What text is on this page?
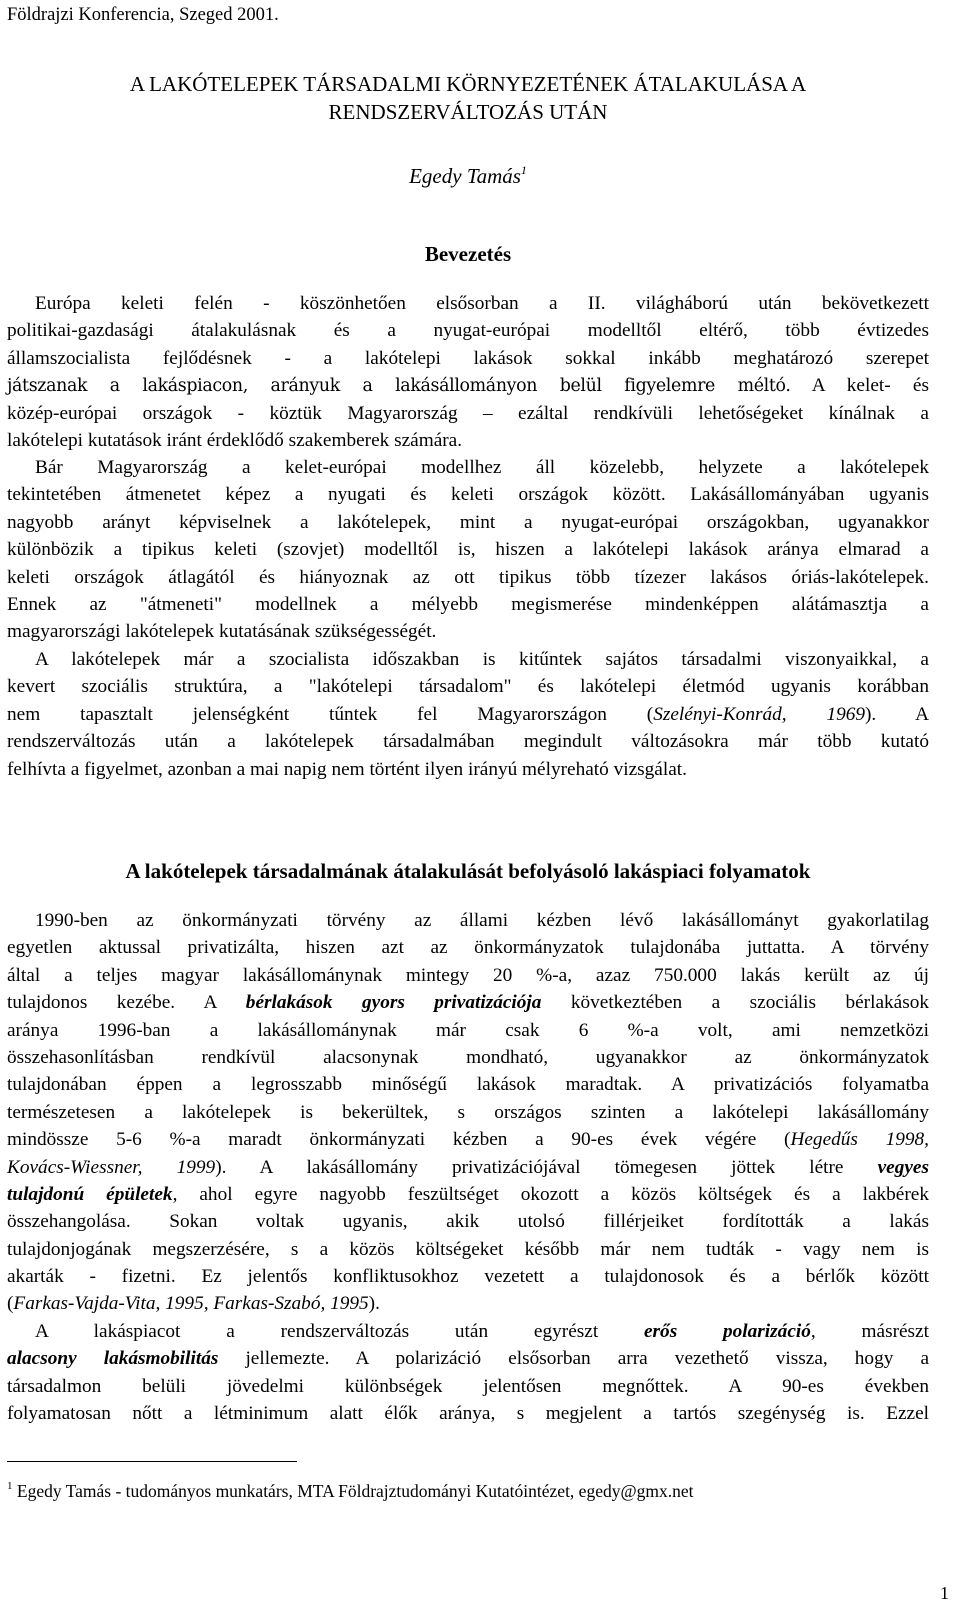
Földrajzi Konferencia, Szeged 2001.
A LAKÓTELEPEK TÁRSADALMI KÖRNYEZETÉNEK ÁTALAKULÁSA A
RENDSZERVÁLTOZÁS UTÁN
Egedy Tamás$^1$
Bevezetés
Európa keleti felén - köszönhetően elsősorban a II. világháború után bekövetkezett
politikai-gazdasági átalakulásnak és a nyugat-európai modelltől eltérő, több évtizedes
államszocialista fejlődésnek - a lakótelepi lakások sokkal inkább meghatározó szerepet
játszanak a lakáspiacon, arányuk a lakásállományon belül figyelemre méltó. A kelet- és
közép-európai országok - köztük Magyarország – ezáltal rendkívüli lehetőségeket kínálnak a
lakótelepi kutatások iránt érdeklődő szakemberek számára.
Bár Magyarország a kelet-európai modellhez áll közelebb, helyzete a lakótelepek
tekintetében átmenetet képez a nyugati és keleti országok között. Lakásállományában ugyanis
nagyobb arányt képviselnek a lakótelepek, mint a nyugat-európai országokban, ugyanakkor
különbözik a tipikus keleti (szovjet) modelltől is, hiszen a lakótelepi lakások aránya elmarad a
keleti országok átlagától és hiányoznak az ott tipikus több tízezer lakásos óriás-lakótelepek.
Ennek az "átmeneti" modellnek a mélyebb megismerése mindenképpen alátámasztja a
magyarországi lakótelepek kutatásának szükségességét.
A lakótelepek már a szocialista időszakban is kitűntek sajátos társadalmi viszonyaikkal, a
kevert szociális struktúra, a "lakótelepi társadalom" és lakótelepi életmód ugyanis korábban
nem tapasztalt jelenségként tűntek fel Magyarországon (Szelényi-Konrád, 1969). A
rendszerváltozás után a lakótelepek társadalmában megindult változásokra már több kutató
felhívta a figyelmet, azonban a mai napig nem történt ilyen irányú mélyreható vizsgálat.
A lakótelepek társadalmának átalakulását befolyásoló lakáspiaci folyamatok
1990-ben az önkormányzati törvény az állami kézben lévő lakásállományt gyakorlatilag
egyetlen aktussal privatizálta, hiszen azt az önkormányzatok tulajdonába juttatta. A törvény
által a teljes magyar lakásállománynak mintegy 20 %-a, azaz 750.000 lakás került az új
tulajdonos kezébe. A bérlakások gyors privatizációja következtében a szociális bérlakások
aránya 1996-ban a lakásállománynak már csak 6 %-a volt, ami nemzetközi
összehasonlításban rendkívül alacsonynak mondható, ugyanakkor az önkormányzatok
tulajdonában éppen a legrosszabb minőségű lakások maradtak. A privatizációs folyamatba
természetesen a lakótelepek is bekerültek, s országos szinten a lakótelepi lakásállomány
mindössze 5-6 %-a maradt önkormányzati kézben a 90-es évek végére (Hegedűs 1998,
Kovács-Wiessner, 1999). A lakásállomány privatizációjával tömegesen jöttek létre vegyes
tulajdonú épületek, ahol egyre nagyobb feszültséget okozott a közös költségek és a lakbérek
összehangolása. Sokan voltak ugyanis, akik utolsó fillérjeiket fordították a lakás
tulajdonjogának megszerzésére, s a közös költségeket később már nem tudták - vagy nem is
akarták - fizetni. Ez jelentős konfliktusokhoz vezetett a tulajdonosok és a bérlők között
(Farkas-Vajda-Vita, 1995, Farkas-Szabó, 1995).
A lakáspiacot a rendszerváltozás után egyrészt erős polarizáció, másrészt
alacsony lakásmobilitás jellemezte. A polarizáció elsősorban arra vezethető vissza, hogy a
társadalmon belüli jövedelmi különbségek jelentősen megnőttek. A 90-es években
folyamatosan nőtt a létminimum alatt élők aránya, s megjelent a tartós szegénység is. Ezzel
$^1$ Egedy Tamás - tudományos munkatárs, MTA Földrajztudományi Kutatóintézet, egedy@gmx.net
1
